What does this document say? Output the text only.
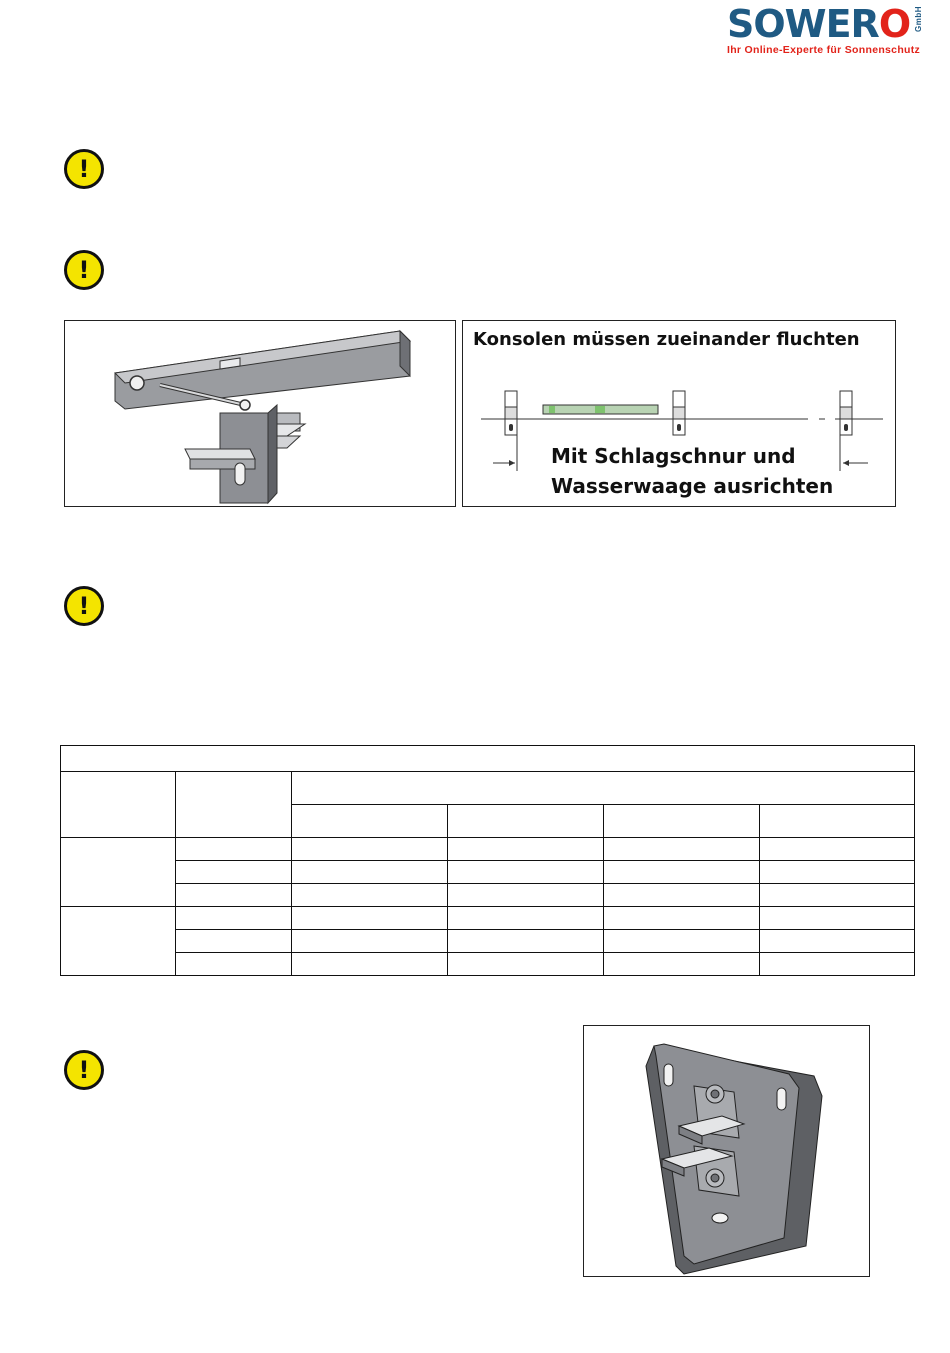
SOWERO GmbH
Ihr Online-Experte für Sonnenschutz
!
!
!
!
Konsolen müssen zueinander fluchten
Mit Schlagschnur und
Wasserwaage ausrichten
